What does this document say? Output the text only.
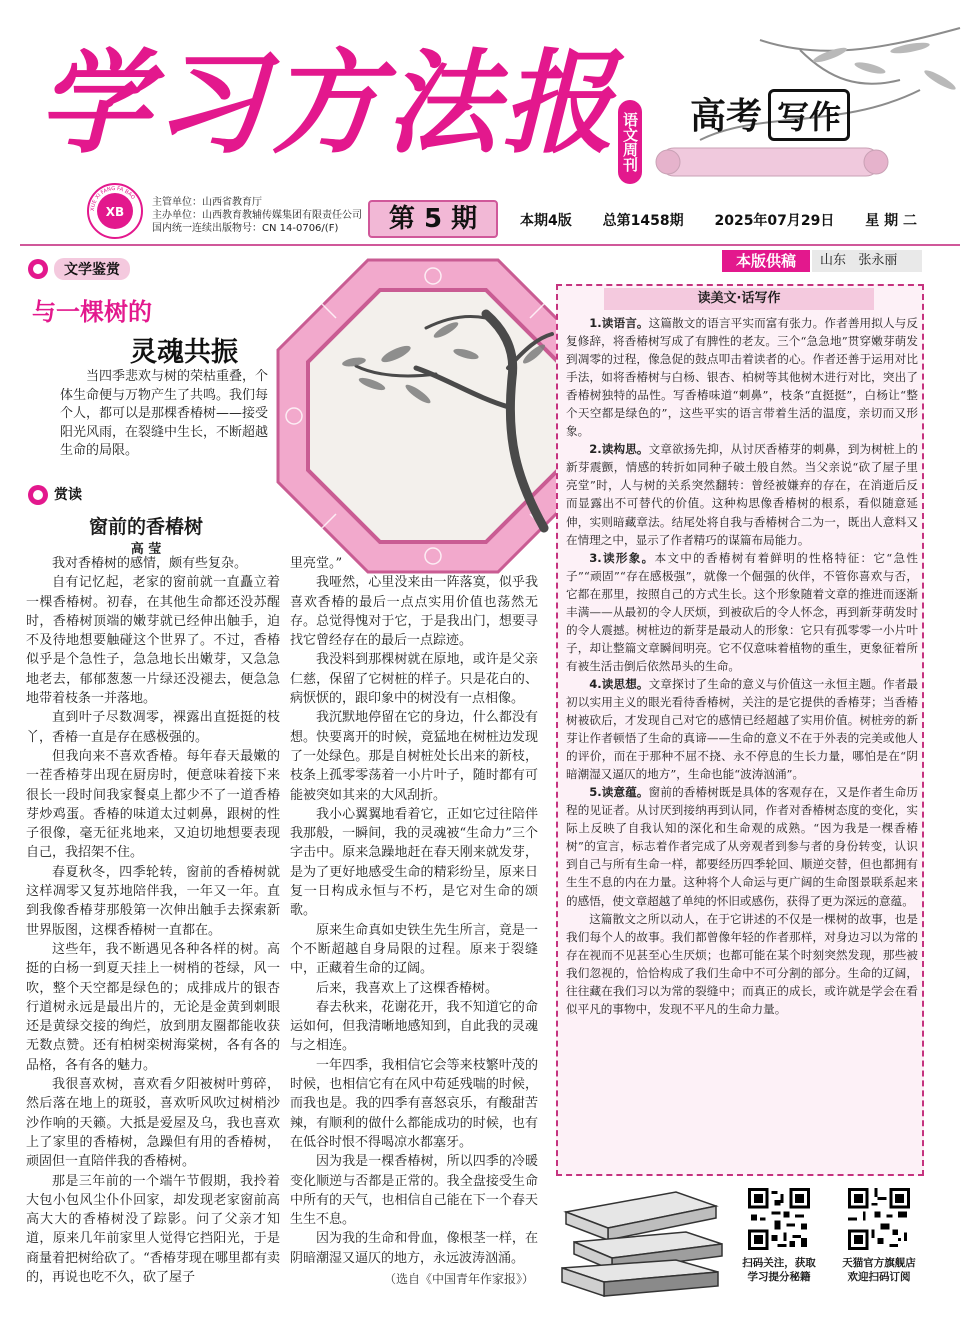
学习方法报 语文周刊 高考 写作
XB
XUE XI FANG FA BAO 主管单位：山西省教育厅
主办单位：山西教育教辅传媒集团有限责任公司
国内统一连续出版物号：CN 14-0706/(F)	第 5 期	本期4版 总第1458期 2025年07月29日 星 期 二
本版供稿	山东   张永丽
文学鉴赏
与一棵树的
灵魂共振
当四季悲欢与树的荣枯重叠，个体生命便与万物产生了共鸣。我们每个人，都可以是那棵香椿树——接受阳光风雨，在裂缝中生长，不断超越生命的局限。
赏读
窗前的香椿树
高 莹

我对香椿树的感情，颇有些复杂。

自有记忆起，老家的窗前就一直矗立着一棵香椿树。初春，在其他生命都还没苏醒时，香椿树顶端的嫩芽就已经伸出触手，迫不及待地想要触碰这个世界了。不过，香椿似乎是个急性子，急急地长出嫩芽，又急急地老去，郁郁葱葱一片绿还没褪去，便急急地带着枝条一并落地。

直到叶子尽数凋零，裸露出直挺挺的枝丫，香椿一直是存在感极强的。

但我向来不喜欢香椿。每年春天最嫩的一茬香椿芽出现在厨房时，便意味着接下来很长一段时间我家餐桌上都少不了一道香椿芽炒鸡蛋。香椿的味道太过刺鼻，跟树的性子很像，毫无征兆地来，又迫切地想要表现自己，我招架不住。

春夏秋冬，四季轮转，窗前的香椿树就这样凋零又复苏地陪伴我，一年又一年。直到我像香椿芽那般第一次伸出触手去探索新世界版图，这棵香椿树一直都在。

这些年，我不断遇见各种各样的树。高挺的白杨一到夏天挂上一树梢的苍绿，风一吹，整个天空都是绿色的；成排成片的银杏行道树永远是最出片的，无论是金黄到刺眼还是黄绿交接的绚烂，放到朋友圈都能收获无数点赞。还有柏树栾树海棠树，各有各的品格，各有各的魅力。

我很喜欢树，喜欢看夕阳被树叶剪碎，然后落在地上的斑驳，喜欢听风吹过树梢沙沙作响的天籁。大抵是爱屋及乌，我也喜欢上了家里的香椿树，急躁但有用的香椿树，顽固但一直陪伴我的香椿树。

那是三年前的一个端午节假期，我拎着大包小包风尘仆仆回家，却发现老家窗前高高大大的香椿树没了踪影。问了父亲才知道，原来几年前家里人觉得它挡阳光，于是商量着把树给砍了。“香椿芽现在哪里都有卖的，再说也吃不久，砍了屋子

里亮堂。”

我哑然，心里没来由一阵落寞，似乎我喜欢香椿的最后一点点实用价值也荡然无存。总觉得愧对于它，于是我出门，想要寻找它曾经存在的最后一点踪迹。

我没料到那棵树就在原地，或许是父亲仁慈，保留了它树桩的样子。只是花白的、病恹恹的，跟印象中的树没有一点相像。

我沉默地停留在它的身边，什么都没有想。快要离开的时候，竟猛地在树桩边发现了一处绿色。那是自树桩处长出来的新枝，枝条上孤零零荡着一小片叶子，随时都有可能被突如其来的大风刮折。

我小心翼翼地看着它，正如它过往陪伴我那般，一瞬间，我的灵魂被“生命力”三个字击中。原来急躁地赶在春天刚来就发芽，是为了更好地感受生命的精彩纷呈，原来日复一日构成永恒与不朽，是它对生命的颂歌。

原来生命真如史铁生先生所言，竟是一个不断超越自身局限的过程。原来于裂缝中，正藏着生命的辽阔。

后来，我喜欢上了这棵香椿树。

春去秋来，花谢花开，我不知道它的命运如何，但我清晰地感知到，自此我的灵魂与之相连。

一年四季，我相信它会等来枝繁叶茂的时候，也相信它有在风中苟延残喘的时候，而我也是。我的四季有喜怒哀乐，有酸甜苦辣，有顺利的做什么都能成功的时候，也有在低谷时恨不得喝凉水都塞牙。

因为我是一棵香椿树，所以四季的冷暖变化顺逆与否都是正常的。我全盘接受生命中所有的天气，也相信自己能在下一个春天生生不息。

因为我的生命和骨血，像根茎一样，在阴暗潮湿又逼仄的地方，永远波涛汹涌。

（选自《中国青年作家报》）
读美文·话写作

1.读语言。这篇散文的语言平实而富有张力。作者善用拟人与反复修辞，将香椿树写成了有脾性的老友。三个“急急地”贯穿嫩芽萌发到凋零的过程，像急促的鼓点叩击着读者的心。作者还善于运用对比手法，如将香椿树与白杨、银杏、柏树等其他树木进行对比，突出了香椿树独特的品性。写香椿味道“刺鼻”，枝条“直挺挺”，白杨让“整个天空都是绿色的”，这些平实的语言带着生活的温度，亲切而又形象。

2.读构思。文章欲扬先抑，从讨厌香椿芽的刺鼻，到为树桩上的新芽震颤，情感的转折如同种子破土般自然。当父亲说“砍了屋子里亮堂”时，人与树的关系突然翻转：曾经被嫌弃的存在，在消逝后反而显露出不可替代的价值。这种构思像香椿树的根系，看似随意延伸，实则暗藏章法。结尾处将自我与香椿树合二为一，既出人意料又在情理之中，显示了作者精巧的谋篇布局能力。

3.读形象。本文中的香椿树有着鲜明的性格特征：它“急性子”“顽固”“存在感极强”，就像一个倔强的伙伴，不管你喜欢与否，它都在那里，按照自己的方式生长。这个形象随着文章的推进而逐渐丰满——从最初的令人厌烦，到被砍后的令人怀念，再到新芽萌发时的令人震撼。树桩边的新芽是最动人的形象：它只有孤零零一小片叶子，却让整篇文章瞬间明亮。它不仅意味着植物的重生，更象征着所有被生活击倒后依然昂头的生命。

4.读思想。文章探讨了生命的意义与价值这一永恒主题。作者最初以实用主义的眼光看待香椿树，关注的是它提供的香椿芽；当香椿树被砍后，才发现自己对它的感情已经超越了实用价值。树桩旁的新芽让作者顿悟了生命的真谛——生命的意义不在于外表的完美或他人的评价，而在于那种不屈不挠、永不停息的生长力量，哪怕是在“阴暗潮湿又逼仄的地方”，生命也能“波涛汹涌”。

5.读意蕴。窗前的香椿树既是具体的客观存在，又是作者生命历程的见证者。从讨厌到接纳再到认同，作者对香椿树态度的变化，实际上反映了自我认知的深化和生命观的成熟。“因为我是一棵香椿树”的宣言，标志着作者完成了从旁观者到参与者的身份转变，认识到自己与所有生命一样，都要经历四季轮回、顺逆交替，但也都拥有生生不息的内在力量。这种将个人命运与更广阔的生命图景联系起来的感悟，使文章超越了单纯的怀旧或感伤，获得了更为深远的意蕴。

这篇散文之所以动人，在于它讲述的不仅是一棵树的故事，也是我们每个人的故事。我们都曾像年轻的作者那样，对身边习以为常的存在视而不见甚至心生厌烦；也都可能在某个时刻突然发现，那些被我们忽视的，恰恰构成了我们生命中不可分割的部分。生命的辽阔，往往藏在我们习以为常的裂缝中；而真正的成长，或许就是学会在看似平凡的事物中，发现不平凡的生命力量。

扫码关注，获取
学习提分秘籍
天猫官方旗舰店
欢迎扫码订阅
